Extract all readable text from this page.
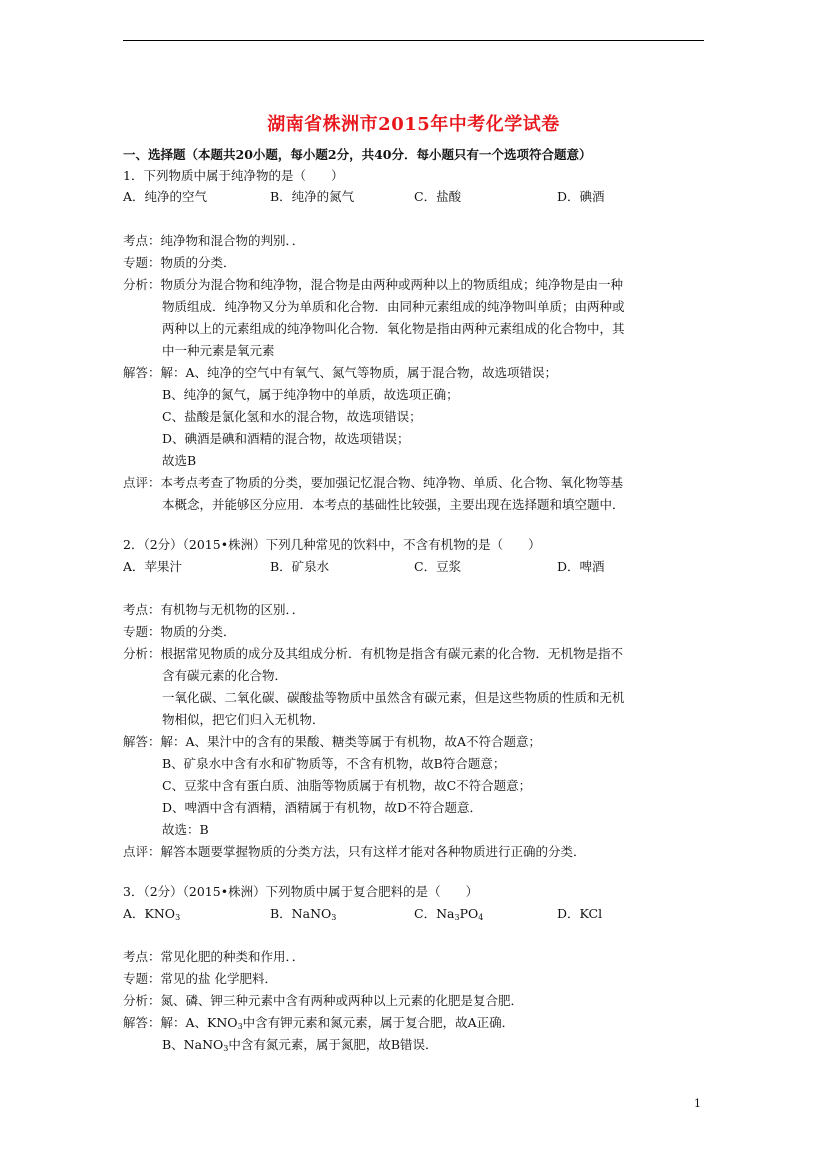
湖南省株洲市2015年中考化学试卷
一、选择题（本题共20小题，每小题2分，共40分．每小题只有一个选项符合题意）
1．下列物质中属于纯净物的是（　　）
A．纯净的空气	B．纯净的氮气	C．盐酸	D．碘酒
考点：纯净物和混合物的判别．．
专题：物质的分类．
分析：物质分为混合物和纯净物，混合物是由两种或两种以上的物质组成；纯净物是由一种
物质组成．纯净物又分为单质和化合物．由同种元素组成的纯净物叫单质；由两种或
两种以上的元素组成的纯净物叫化合物．氧化物是指由两种元素组成的化合物中，其
中一种元素是氧元素
解答：解：A、纯净的空气中有氧气、氮气等物质，属于混合物，故选项错误；
B、纯净的氮气，属于纯净物中的单质，故选项正确；
C、盐酸是氯化氢和水的混合物，故选项错误；
D、碘酒是碘和酒精的混合物，故选项错误；
故选B
点评：本考点考查了物质的分类，要加强记忆混合物、纯净物、单质、化合物、氧化物等基
本概念，并能够区分应用．本考点的基础性比较强，主要出现在选择题和填空题中．
2．（2分）（2015•株洲）下列几种常见的饮料中，不含有机物的是（　　）
A．苹果汁	B．矿泉水	C．豆浆	D．啤酒
考点：有机物与无机物的区别．．
专题：物质的分类．
分析：根据常见物质的成分及其组成分析．有机物是指含有碳元素的化合物．无机物是指不
含有碳元素的化合物．
一氧化碳、二氧化碳、碳酸盐等物质中虽然含有碳元素，但是这些物质的性质和无机
物相似，把它们归入无机物．
解答：解：A、果汁中的含有的果酸、糖类等属于有机物，故A不符合题意；
B、矿泉水中含有水和矿物质等，不含有机物，故B符合题意；
C、豆浆中含有蛋白质、油脂等物质属于有机物，故C不符合题意；
D、啤酒中含有酒精，酒精属于有机物，故D不符合题意．
故选：B
点评：解答本题要掌握物质的分类方法，只有这样才能对各种物质进行正确的分类．
3．（2分）（2015•株洲）下列物质中属于复合肥料的是（　　）
A．$KNO_3$	B．NaNO$_3$	C．$Na_3PO_4$	D．KCl
考点：常见化肥的种类和作用．．
专题：常见的盐 化学肥料．
分析：氮、磷、钾三种元素中含有两种或两种以上元素的化肥是复合肥．
解答：解：A、$KNO_3$中含有钾元素和氮元素，属于复合肥，故A正确．
B、NaNO$_3$中含有氮元素，属于氮肥，故B错误．
1
